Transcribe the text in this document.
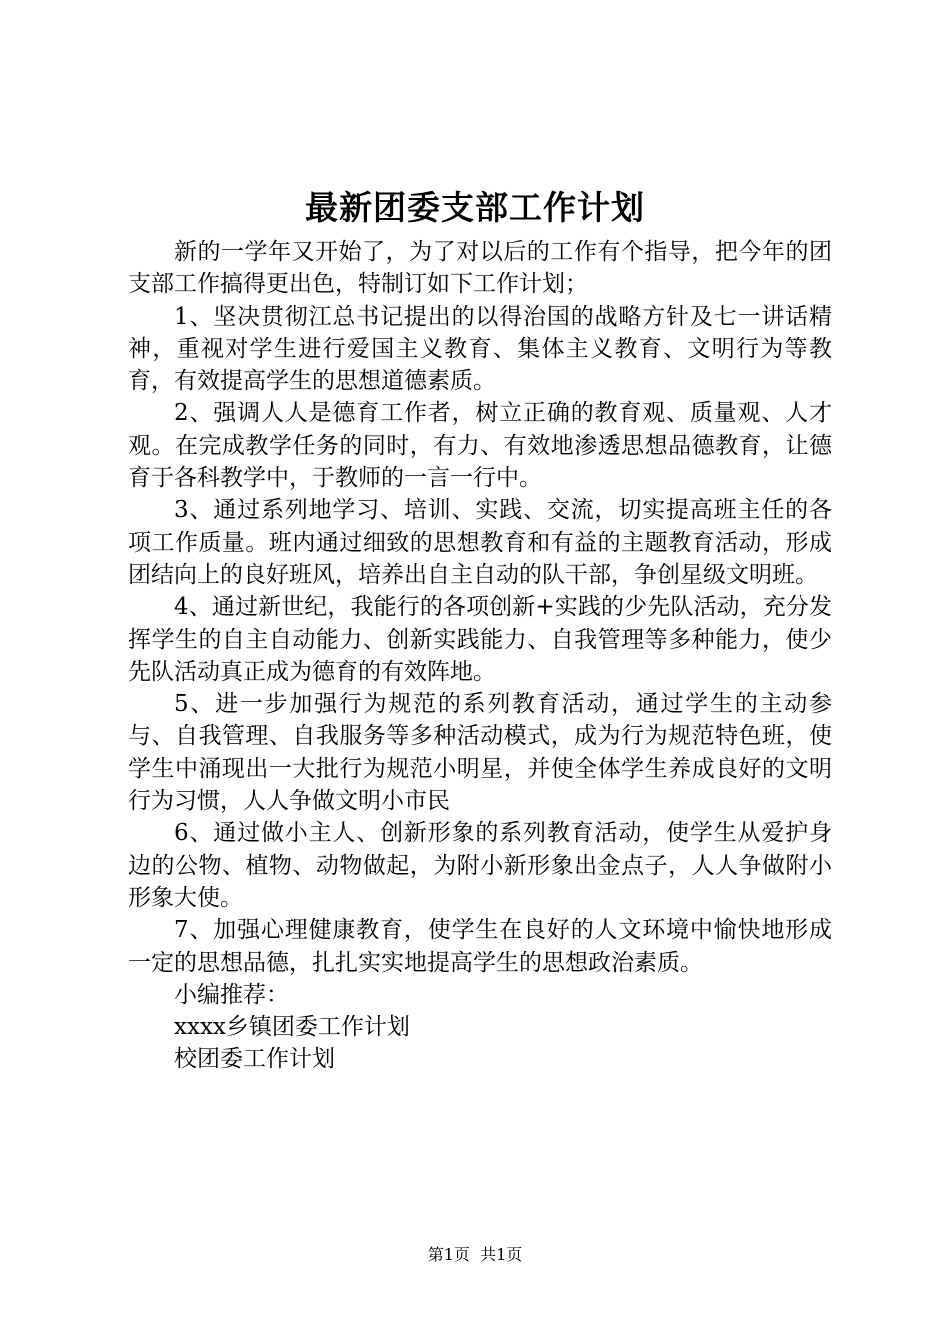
最新团委支部工作计划

新的一学年又开始了，为了对以后的工作有个指导，把今年的团支部工作搞得更出色，特制订如下工作计划；

1、坚决贯彻江总书记提出的以得治国的战略方针及七一讲话精神，重视对学生进行爱国主义教育、集体主义教育、文明行为等教育，有效提高学生的思想道德素质。

2、强调人人是德育工作者，树立正确的教育观、质量观、人才观。在完成教学任务的同时，有力、有效地渗透思想品德教育，让德育于各科教学中，于教师的一言一行中。

3、通过系列地学习、培训、实践、交流，切实提高班主任的各项工作质量。班内通过细致的思想教育和有益的主题教育活动，形成团结向上的良好班风，培养出自主自动的队干部，争创星级文明班。

4、通过新世纪，我能行的各项创新+实践的少先队活动，充分发挥学生的自主自动能力、创新实践能力、自我管理等多种能力，使少先队活动真正成为德育的有效阵地。

5、进一步加强行为规范的系列教育活动，通过学生的主动参与、自我管理、自我服务等多种活动模式，成为行为规范特色班，使学生中涌现出一大批行为规范小明星，并使全体学生养成良好的文明行为习惯，人人争做文明小市民

6、通过做小主人、创新形象的系列教育活动，使学生从爱护身边的公物、植物、动物做起，为附小新形象出金点子，人人争做附小形象大使。

7、加强心理健康教育，使学生在良好的人文环境中愉快地形成一定的思想品德，扎扎实实地提高学生的思想政治素质。

小编推荐：

xxxx乡镇团委工作计划

校团委工作计划

第1页  共1页
